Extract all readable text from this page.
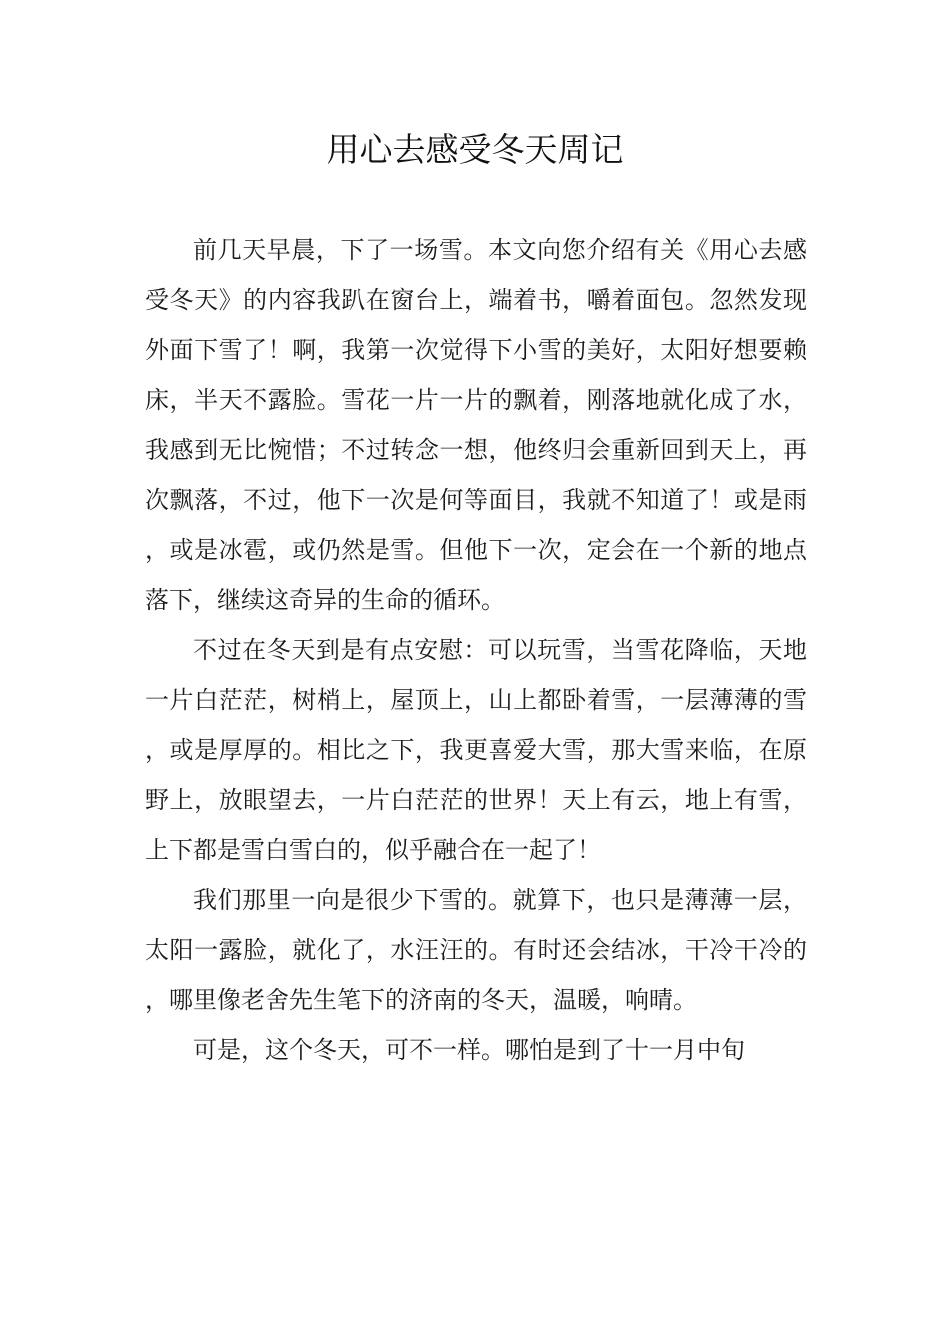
用心去感受冬天周记

前几天早晨，下了一场雪。本文向您介绍有关《用心去感受冬天》的内容我趴在窗台上，端着书，嚼着面包。忽然发现外面下雪了！啊，我第一次觉得下小雪的美好，太阳好想要赖床，半天不露脸。雪花一片一片的飘着，刚落地就化成了水，我感到无比惋惜；不过转念一想，他终归会重新回到天上，再次飘落，不过，他下一次是何等面目，我就不知道了！或是雨，或是冰雹，或仍然是雪。但他下一次，定会在一个新的地点落下，继续这奇异的生命的循环。

不过在冬天到是有点安慰：可以玩雪，当雪花降临，天地一片白茫茫，树梢上，屋顶上，山上都卧着雪，一层薄薄的雪，或是厚厚的。相比之下，我更喜爱大雪，那大雪来临，在原野上，放眼望去，一片白茫茫的世界！天上有云，地上有雪，上下都是雪白雪白的，似乎融合在一起了！

我们那里一向是很少下雪的。就算下，也只是薄薄一层，太阳一露脸，就化了，水汪汪的。有时还会结冰，干冷干冷的，哪里像老舍先生笔下的济南的冬天，温暖，响晴。

可是，这个冬天，可不一样。哪怕是到了十一月中旬
